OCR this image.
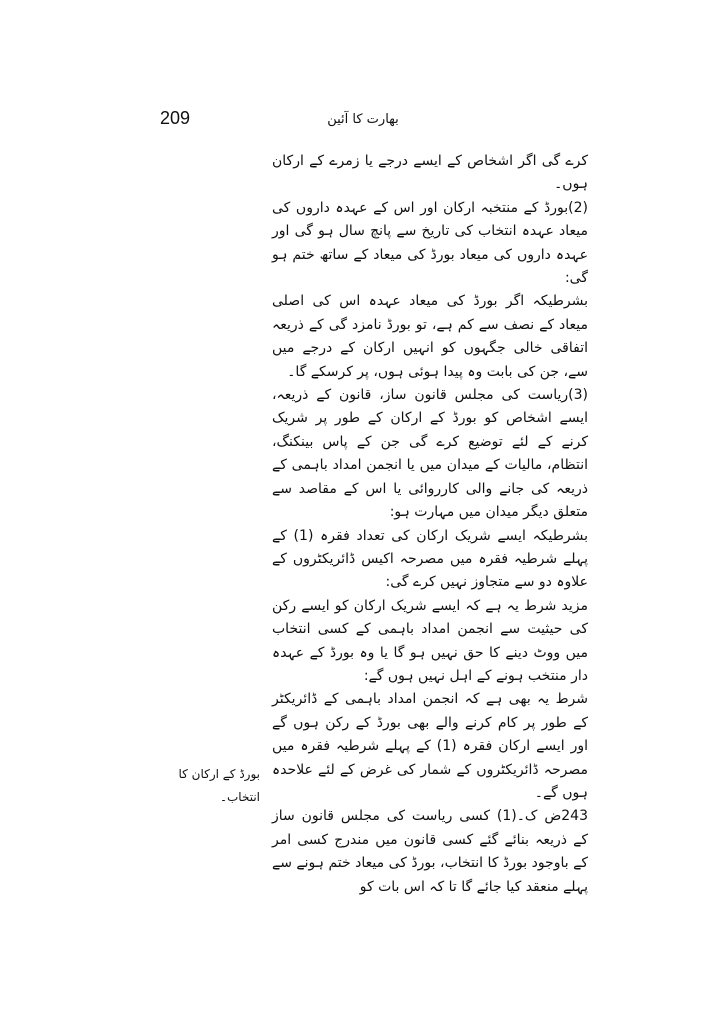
209	بھارت کا آئین

کرے گی اگر اشخاص کے ایسے درجے یا زمرے کے ارکان ہوں۔

(2)بورڈ کے منتخبہ ارکان اور اس کے عہدہ داروں کی میعاد عہدہ انتخاب کی تاریخ سے پانچ سال ہو گی اور عہدہ داروں کی میعاد بورڈ کی میعاد کے ساتھ ختم ہو گی:

بشرطیکہ اگر بورڈ کی میعاد عہدہ اس کی اصلی میعاد کے نصف سے کم ہے، تو بورڈ نامزد گی کے ذریعہ اتفاقی خالی جگہوں کو انہیں ارکان کے درجے میں سے، جن کی بابت وہ پیدا ہوئی ہوں، پر کرسکے گا۔

(3)ریاست کی مجلس قانون ساز، قانون کے ذریعہ، ایسے اشخاص کو بورڈ کے ارکان کے طور پر شریک کرنے کے لئے توضیع کرے گی جن کے پاس بینکنگ، انتظام، مالیات کے میدان میں یا انجمن امداد باہمی کے ذریعہ کی جانے والی کارروائی یا اس کے مقاصد سے متعلق دیگر میدان میں مہارت ہو:

بشرطیکہ ایسے شریک ارکان کی تعداد فقرہ (1) کے پہلے شرطیہ فقرہ میں مصرحہ اکیس ڈائریکٹروں کے علاوہ دو سے متجاوز نہیں کرے گی:

مزید شرط یہ ہے کہ ایسے شریک ارکان کو ایسے رکن کی حیثیت سے انجمن امداد باہمی کے کسی انتخاب میں ووٹ دینے کا حق نہیں ہو گا یا وہ بورڈ کے عہدہ دار منتخب ہونے کے اہل نہیں ہوں گے:

شرط یہ بھی ہے کہ انجمن امداد باہمی کے ڈائریکٹر کے طور پر کام کرنے والے بھی بورڈ کے رکن ہوں گے اور ایسے ارکان فقرہ (1) کے پہلے شرطیہ فقرہ میں مصرحہ ڈائریکٹروں کے شمار کی غرض کے لئے علاحدہ ہوں گے۔

243ض ک۔(1) کسی ریاست کی مجلس قانون ساز کے ذریعہ بنائے گئے کسی قانون میں مندرج کسی امر کے باوجود بورڈ کا انتخاب، بورڈ کی میعاد ختم ہونے سے پہلے منعقد کیا جائے گا تا کہ اس بات کو

بورڈ کے ارکان کا انتخاب۔
